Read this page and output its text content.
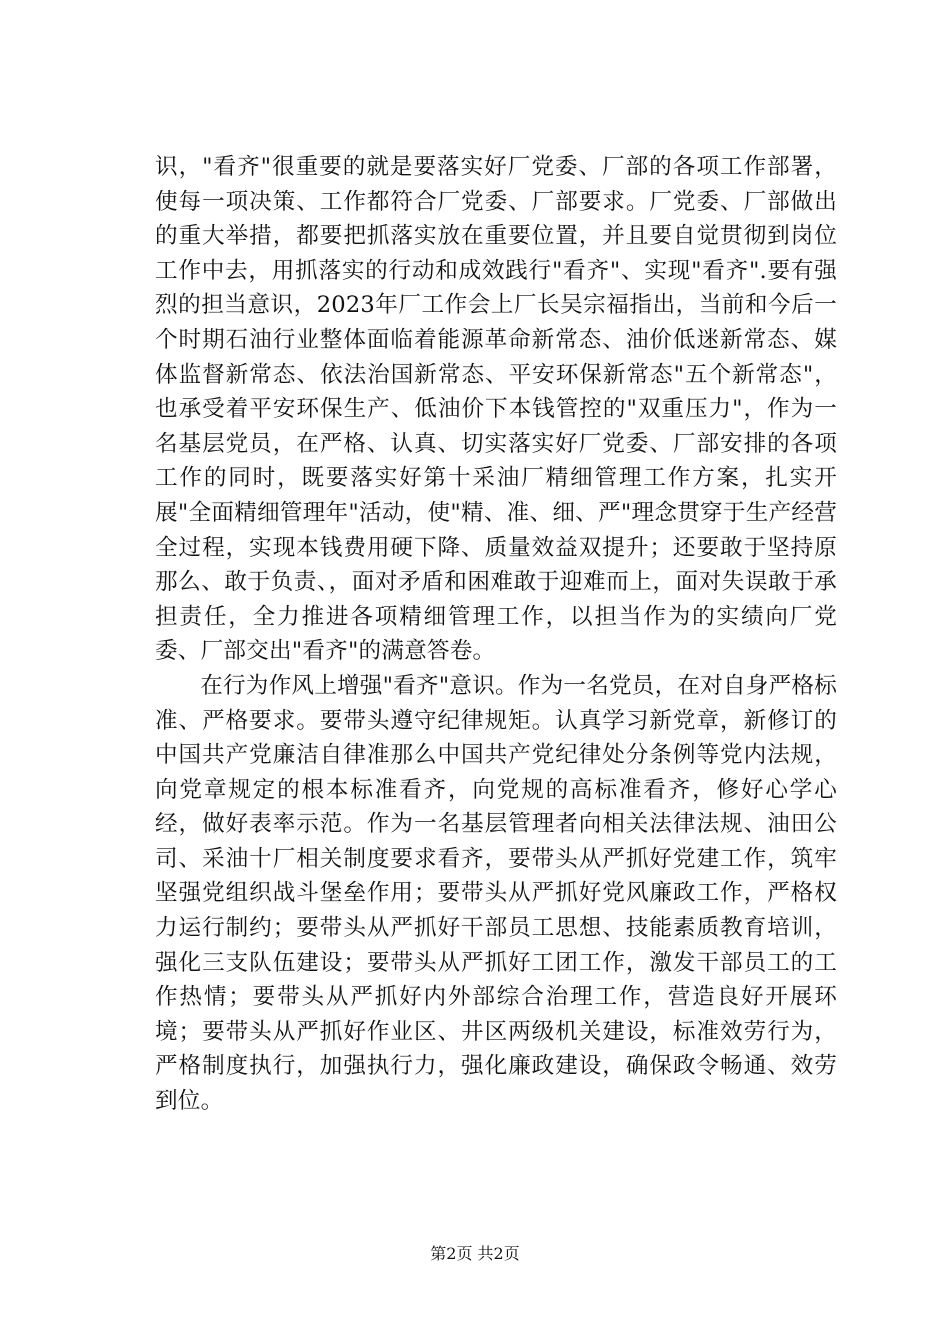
识，"看齐"很重要的就是要落实好厂党委、厂部的各项工作部署，使每一项决策、工作都符合厂党委、厂部要求。厂党委、厂部做出的重大举措，都要把抓落实放在重要位置，并且要自觉贯彻到岗位工作中去，用抓落实的行动和成效践行"看齐"、实现"看齐".要有强烈的担当意识，2023年厂工作会上厂长吴宗福指出，当前和今后一个时期石油行业整体面临着能源革命新常态、油价低迷新常态、媒体监督新常态、依法治国新常态、平安环保新常态"五个新常态"，也承受着平安环保生产、低油价下本钱管控的"双重压力"，作为一名基层党员，在严格、认真、切实落实好厂党委、厂部安排的各项工作的同时，既要落实好第十采油厂精细管理工作方案，扎实开展"全面精细管理年"活动，使"精、准、细、严"理念贯穿于生产经营全过程，实现本钱费用硬下降、质量效益双提升；还要敢于坚持原那么、敢于负责、，面对矛盾和困难敢于迎难而上，面对失误敢于承担责任，全力推进各项精细管理工作，以担当作为的实绩向厂党委、厂部交出"看齐"的满意答卷。

在行为作风上增强"看齐"意识。作为一名党员，在对自身严格标准、严格要求。要带头遵守纪律规矩。认真学习新党章，新修订的中国共产党廉洁自律准那么中国共产党纪律处分条例等党内法规，向党章规定的根本标准看齐，向党规的高标准看齐，修好心学心经，做好表率示范。作为一名基层管理者向相关法律法规、油田公司、采油十厂相关制度要求看齐，要带头从严抓好党建工作，筑牢坚强党组织战斗堡垒作用；要带头从严抓好党风廉政工作，严格权力运行制约；要带头从严抓好干部员工思想、技能素质教育培训，强化三支队伍建设；要带头从严抓好工团工作，激发干部员工的工作热情；要带头从严抓好内外部综合治理工作，营造良好开展环境；要带头从严抓好作业区、井区两级机关建设，标准效劳行为，严格制度执行，加强执行力，强化廉政建设，确保政令畅通、效劳到位。

第2页 共2页
